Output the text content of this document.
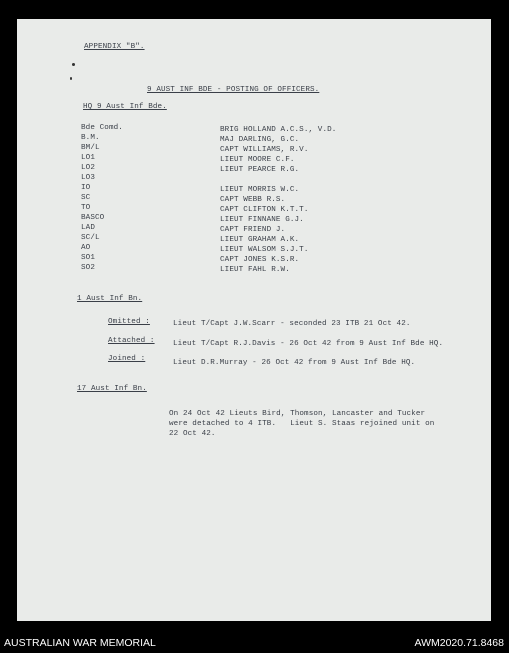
APPENDIX "B".
9 AUST INF BDE - POSTING OF OFFICERS.
HQ 9 Aust Inf Bde.
Bde Comd.	BRIG HOLLAND A.C.S., V.D.
B.M.	MAJ DARLING, G.C.
BM/L	CAPT WILLIAMS, R.V.
LO1	LIEUT MOORE C.F.
LO2	LIEUT PEARCE R.G.
LO3
IO	LIEUT MORRIS W.C.
SC	CAPT WEBB R.S.
TO	CAPT CLIFTON K.T.T.
BASCO	LIEUT FINNANE G.J.
LAD	CAPT FRIEND J.
SC/L	LIEUT GRAHAM A.K.
AO	LIEUT WALSOM S.J.T.
SO1	CAPT JONES K.S.R.
SO2	LIEUT FAHL R.W.
1 Aust Inf Bn.
Omitted :	Lieut T/Capt J.W.Scarr - seconded 23 ITB 21 Oct 42.
Attached : Lieut T/Capt R.J.Davis - 26 Oct 42 from 9 Aust Inf Bde HQ.
Joined :	Lieut D.R.Murray - 26 Oct 42 from 9 Aust Inf Bde HQ.
17 Aust Inf Bn.
On 24 Oct 42 Lieuts Bird, Thomson, Lancaster and Tucker
were detached to 4 ITB.   Lieut S. Staas rejoined unit on
22 Oct 42.
AUSTRALIAN WAR MEMORIAL	AWM2020.71.8468
